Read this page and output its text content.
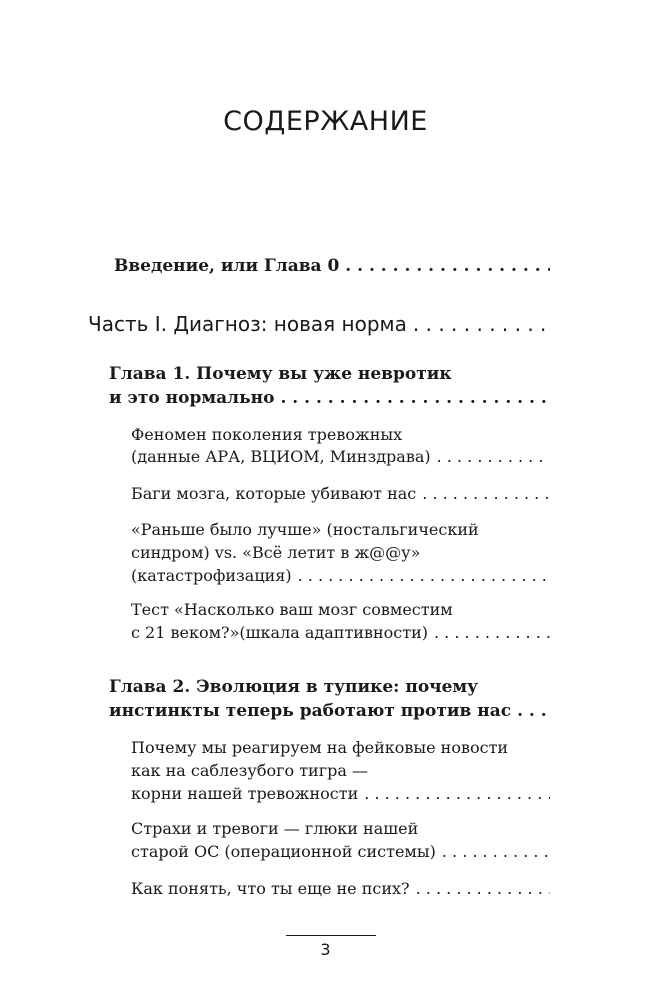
СОДЕРЖАНИЕ
Введение, или Глава 0
. . .
Часть I. Диагноз: новая норма
. . .
Глава 1. Почему вы уже невротик
и это нормально
. . .
Феномен поколения тревожных
(данные АРА, ВЦИОМ, Минздрава)
. . .
Баги мозга, которые убивают нас
. . .
«Раньше было лучше» (ностальгический
синдром) vs. «Всё летит в ж@@у»
(катастрофизация)
. . .
Тест «Насколько ваш мозг совместим
с 21 веком?»(шкала адаптивности)
. . .
Глава 2. Эволюция в тупике: почему
инстинкты теперь работают против нас
. . .
Почему мы реагируем на фейковые новости
как на саблезубого тигра —
корни нашей тревожности
. . .
Страхи и тревоги — глюки нашей
старой ОС (операционной системы)
. . .
Как понять, что ты еще не псих?
. . .
3
